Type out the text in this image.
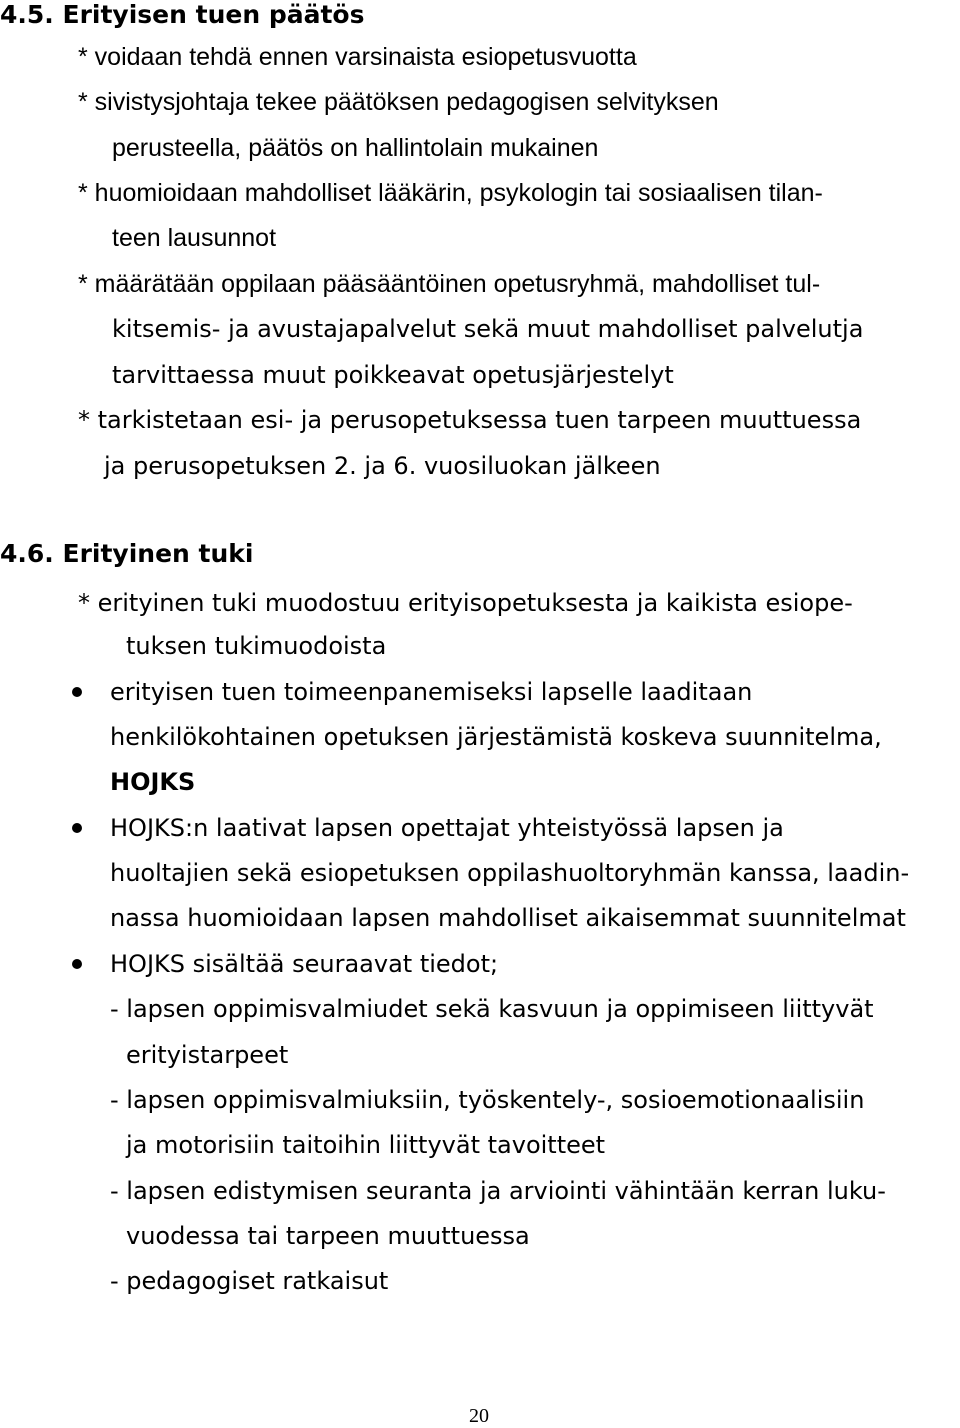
4.5. Erityisen tuen päätös
* voidaan tehdä ennen varsinaista esiopetusvuotta
* sivistysjohtaja tekee päätöksen pedagogisen selvityksen
perusteella, päätös on hallintolain mukainen
* huomioidaan mahdolliset lääkärin, psykologin tai sosiaalisen tilan-
teen lausunnot
* määrätään oppilaan pääsääntöinen opetusryhmä, mahdolliset tul-
kitsemis- ja avustajapalvelut sekä muut mahdolliset palvelutja
tarvittaessa muut poikkeavat opetusjärjestelyt
* tarkistetaan esi- ja perusopetuksessa tuen tarpeen muuttuessa
ja perusopetuksen 2. ja 6. vuosiluokan jälkeen
4.6. Erityinen tuki
* erityinen tuki muodostuu erityisopetuksesta ja kaikista esiope-
tuksen tukimuodoista
erityisen tuen toimeenpanemiseksi lapselle laaditaan
henkilökohtainen opetuksen järjestämistä koskeva suunnitelma,
HOJKS
HOJKS:n laativat lapsen opettajat yhteistyössä lapsen ja
huoltajien sekä esiopetuksen oppilashuoltoryhmän kanssa, laadin-
nassa huomioidaan lapsen mahdolliset aikaisemmat suunnitelmat
HOJKS sisältää seuraavat tiedot;
- lapsen oppimisvalmiudet sekä kasvuun ja oppimiseen liittyvät
erityistarpeet
- lapsen oppimisvalmiuksiin, työskentely-, sosioemotionaalisiin
ja motorisiin taitoihin liittyvät tavoitteet
- lapsen edistymisen seuranta ja arviointi vähintään kerran luku-
vuodessa tai tarpeen muuttuessa
- pedagogiset ratkaisut
20
